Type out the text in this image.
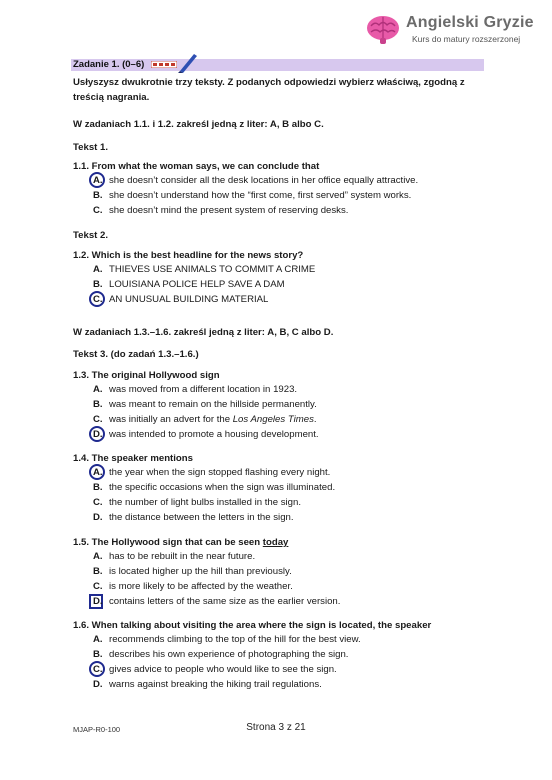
Angielski Gryzie
Kurs do matury rozszerzonej
Zadanie 1. (0–6)
Usłyszysz dwukrotnie trzy teksty. Z podanych odpowiedzi wybierz właściwą, zgodną z treścią nagrania.
W zadaniach 1.1. i 1.2. zakreśl jedną z liter: A, B albo C.
Tekst 1.
1.1. From what the woman says, we can conclude that
A. she doesn’t consider all the desk locations in her office equally attractive.
B. she doesn’t understand how the “first come, first served” system works.
C. she doesn’t mind the present system of reserving desks.
Tekst 2.
1.2. Which is the best headline for the news story?
A. THIEVES USE ANIMALS TO COMMIT A CRIME
B. LOUISIANA POLICE HELP SAVE A DAM
C. AN UNUSUAL BUILDING MATERIAL
W zadaniach 1.3.–1.6. zakreśl jedną z liter: A, B, C albo D.
Tekst 3. (do zadań 1.3.–1.6.)
1.3. The original Hollywood sign
A. was moved from a different location in 1923.
B. was meant to remain on the hillside permanently.
C. was initially an advert for the Los Angeles Times.
D. was intended to promote a housing development.
1.4. The speaker mentions
A. the year when the sign stopped flashing every night.
B. the specific occasions when the sign was illuminated.
C. the number of light bulbs installed in the sign.
D. the distance between the letters in the sign.
1.5. The Hollywood sign that can be seen today
A. has to be rebuilt in the near future.
B. is located higher up the hill than previously.
C. is more likely to be affected by the weather.
D. contains letters of the same size as the earlier version.
1.6. When talking about visiting the area where the sign is located, the speaker
A. recommends climbing to the top of the hill for the best view.
B. describes his own experience of photographing the sign.
C. gives advice to people who would like to see the sign.
D. warns against breaking the hiking trail regulations.
MJAP-R0-100	Strona 3 z 21
